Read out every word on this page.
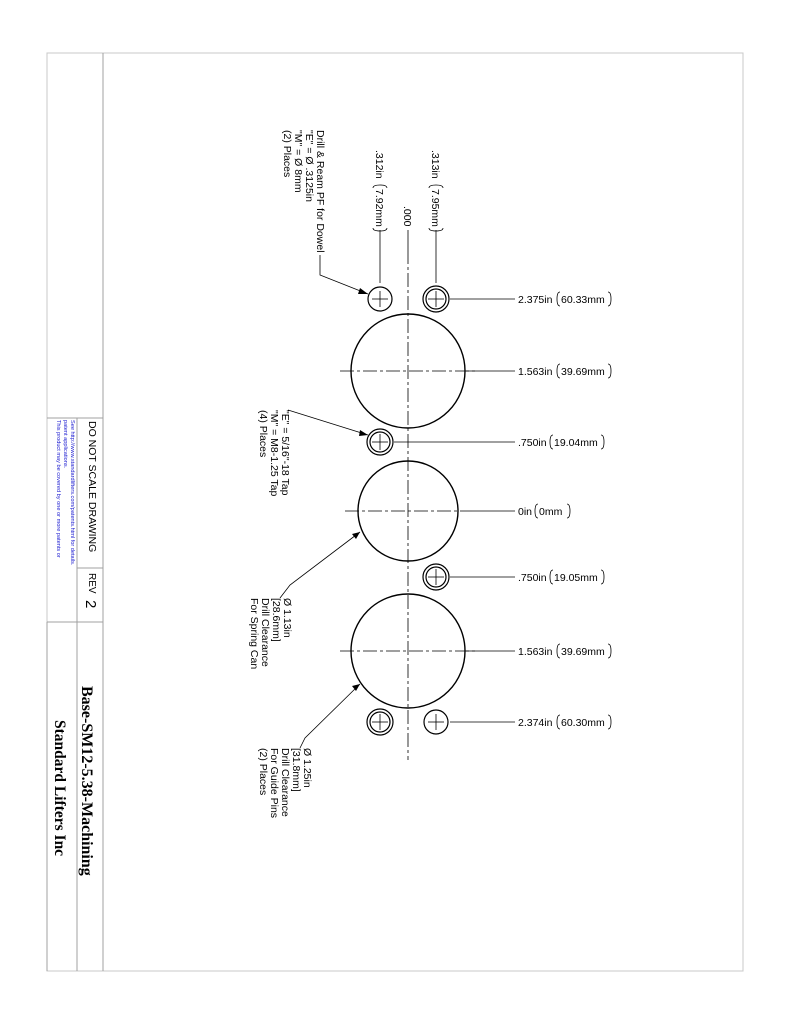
DO NOT SCALE DRAWING
REV
2
This product may be covered by one or more patents or patent applications. See http://www.standardlifters.com/patents.html for details.
Base-SM12-5.38-Machining
Standard Lifters Inc
2.375in 60.33mm
1.563in 39.69mm
.750in 19.04mm
0in 0mm
.750in 19.05mm
1.563in 39.69mm
2.374in 60.30mm
.313in
7.95mm
.000
.312in
7.92mm
Drill & Ream PF for Dowel
"E" = Ø .3125in
"M" = Ø 8mm
(2) Places
"E" = 5/16"-18 Tap
"M" = M8-1.25 Tap
(4) Places
Ø 1.13in
[28.6mm]
Drill Clearance
For Spring Can
Ø 1.25in
[31.8mm]
Drill Clearance
For Guide Pins
(2) Places
